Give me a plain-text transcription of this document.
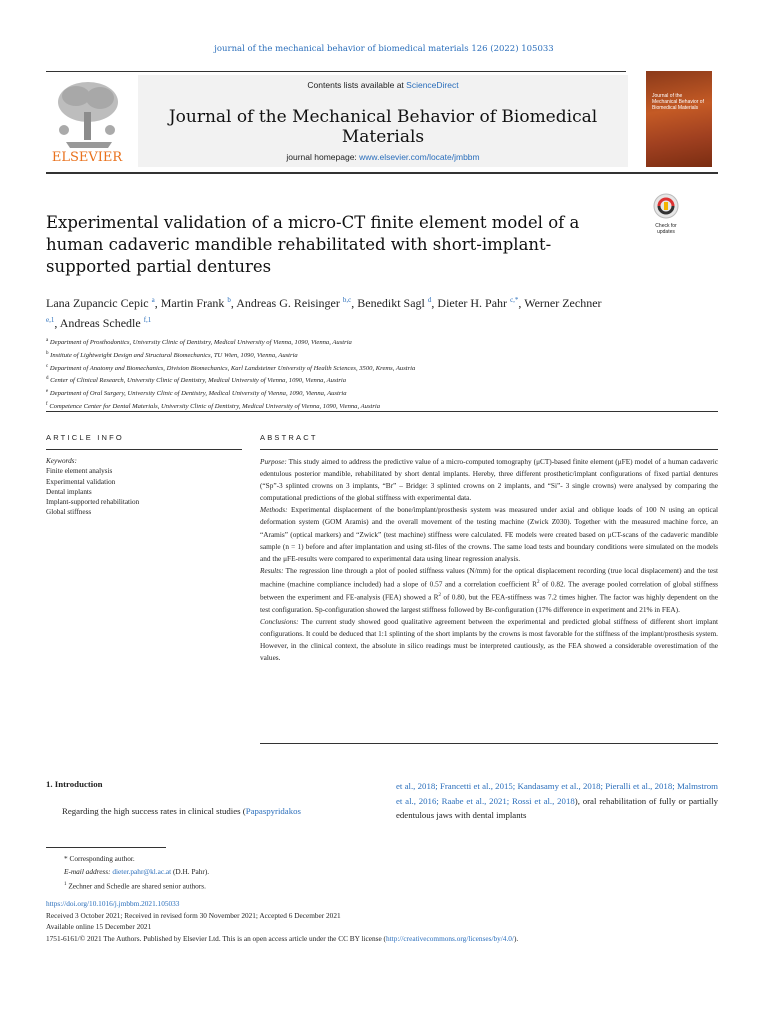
journal of the mechanical behavior of biomedical materials 126 (2022) 105033
Contents lists available at ScienceDirect
Journal of the Mechanical Behavior of Biomedical Materials
journal homepage: www.elsevier.com/locate/jmbbm
ELSEVIER
Journal of the Mechanical Behavior of Biomedical Materials
Experimental validation of a micro-CT finite element model of a human cadaveric mandible rehabilitated with short-implant-supported partial dentures
Check for updates
Lana Zupancic Cepic $^a$, Martin Frank $^b$, Andreas G. Reisinger $^{b,c}$, Benedikt Sagl $^d$, Dieter H. Pahr $^{c,*}$, Werner Zechner $^{e,1}$, Andreas Schedle $^{f,1}$
$^a$ Department of Prosthodontics, University Clinic of Dentistry, Medical University of Vienna, 1090, Vienna, Austria
$^b$ Institute of Lightweight Design and Structural Biomechanics, TU Wien, 1090, Vienna, Austria
$^c$ Department of Anatomy and Biomechanics, Division Biomechanics, Karl Landsteiner University of Health Sciences, 3500, Krems, Austria
$^d$ Center of Clinical Research, University Clinic of Dentistry, Medical University of Vienna, 1090, Vienna, Austria
$^e$ Department of Oral Surgery, University Clinic of Dentistry, Medical University of Vienna, 1090, Vienna, Austria
$^f$ Competence Center for Dental Materials, University Clinic of Dentistry, Medical University of Vienna, 1090, Vienna, Austria
ARTICLE INFO	ABSTRACT
Keywords:
Finite element analysis
Experimental validation
Dental implants
Implant-supported rehabilitation
Global stiffness

Purpose: This study aimed to address the predictive value of a micro-computed tomography (μCT)-based finite element (μFE) model of a human cadaveric edentulous posterior mandible, rehabilitated by short dental implants. Hereby, three different prosthetic/implant configurations of fixed partial dentures (“Sp”-3 splinted crowns on 3 implants, “Br” – Bridge: 3 splinted crowns on 2 implants, and “Si”- 3 single crowns) were analysed by comparing the computational predictions of the global stiffness with experimental data.

Methods: Experimental displacement of the bone/implant/prosthesis system was measured under axial and oblique loads of 100 N using an optical deformation system (GOM Aramis) and the overall movement of the testing machine (Zwick Z030). Together with the measured machine force, an “Aramis” (optical markers) and “Zwick” (test machine) stiffness were calculated. FE models were created based on μCT-scans of the cadaveric mandible sample (n = 1) before and after implantation and using stl-files of the crowns. The same load tests and boundary conditions were simulated on the models and the μFE-results were compared to experimental data using linear regression analysis.

Results: The regression line through a plot of pooled stiffness values (N/mm) for the optical displacement recording (true local displacement) and the test machine (machine compliance included) had a slope of 0.57 and a correlation coefficient $R^2$ of 0.82. The average pooled correlation of global stiffness between the experiment and FE-analysis (FEA) showed a $R^2$ of 0.80, but the FEA-stiffness was 7.2 times higher. The factor was highly dependent on the test configuration. Sp-configuration showed the largest stiffness followed by Br-configuration (17% difference in experiment and 21% in FEA).

Conclusions: The current study showed good qualitative agreement between the experimental and predicted global stiffness of different short implant configurations. It could be deduced that 1:1 splinting of the short implants by the crowns is most favorable for the stiffness of the implant/prosthesis system. However, in the clinical context, the absolute in silico readings must be interpreted cautiously, as the FEA showed a considerable overestimation of the values.

1. Introduction
Regarding the high success rates in clinical studies (Papaspyridakos
et al., 2018; Francetti et al., 2015; Kandasamy et al., 2018; Pieralli et al., 2018; Malmstrom et al., 2016; Raabe et al., 2021; Rossi et al., 2018), oral rehabilitation of fully or partially edentulous jaws with dental implants
* Corresponding author.
E-mail address: dieter.pahr@kl.ac.at (D.H. Pahr).
$^1$ Zechner and Schedle are shared senior authors.
https://doi.org/10.1016/j.jmbbm.2021.105033
Received 3 October 2021; Received in revised form 30 November 2021; Accepted 6 December 2021
Available online 15 December 2021
1751-6161/© 2021 The Authors. Published by Elsevier Ltd. This is an open access article under the CC BY license (http://creativecommons.org/licenses/by/4.0/).
